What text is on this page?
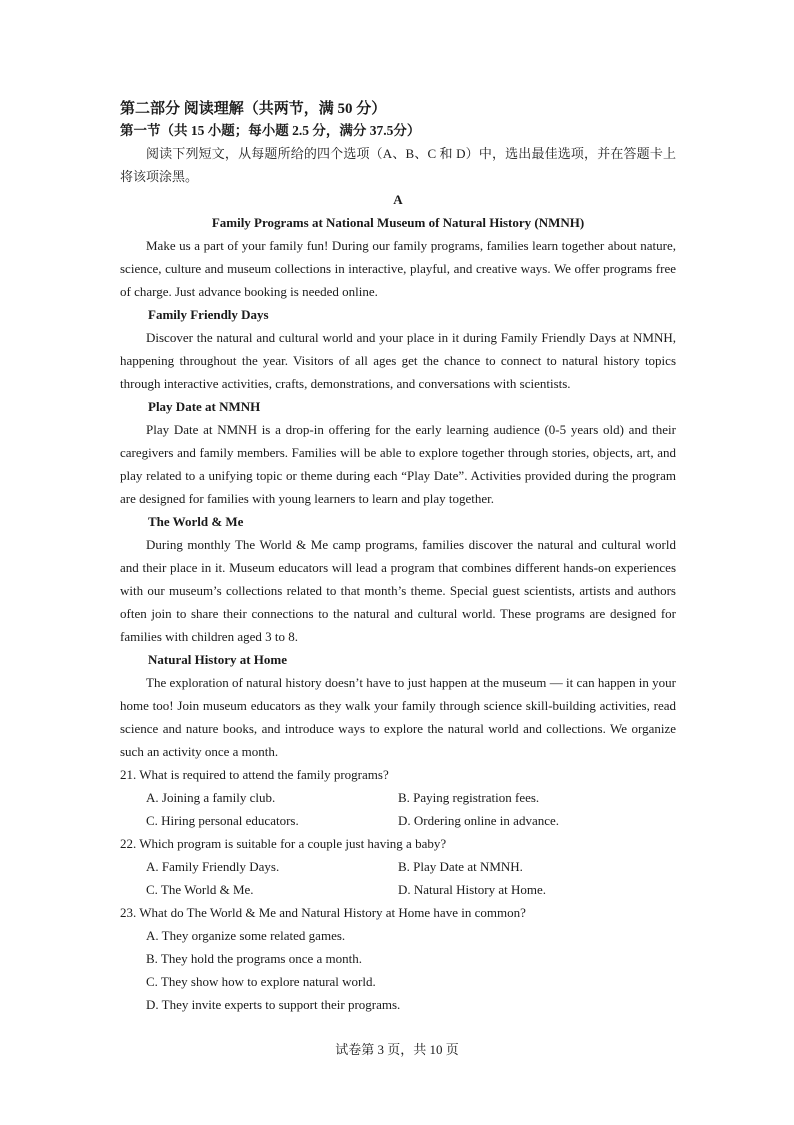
第二部分 阅读理解（共两节，满 50 分）
第一节（共 15 小题；每小题 2.5 分，满分 37.5分）
阅读下列短文，从每题所给的四个选项（A、B、C 和 D）中，选出最佳选项，并在答题卡上将该项涂黑。
A
Family Programs at National Museum of Natural History (NMNH)
Make us a part of your family fun! During our family programs, families learn together about nature, science, culture and museum collections in interactive, playful, and creative ways. We offer programs free of charge. Just advance booking is needed online.
Family Friendly Days
Discover the natural and cultural world and your place in it during Family Friendly Days at NMNH, happening throughout the year. Visitors of all ages get the chance to connect to natural history topics through interactive activities, crafts, demonstrations, and conversations with scientists.
Play Date at NMNH
Play Date at NMNH is a drop-in offering for the early learning audience (0-5 years old) and their caregivers and family members. Families will be able to explore together through stories, objects, art, and play related to a unifying topic or theme during each “Play Date”. Activities provided during the program are designed for families with young learners to learn and play together.
The World & Me
During monthly The World & Me camp programs, families discover the natural and cultural world and their place in it. Museum educators will lead a program that combines different hands-on experiences with our museum’s collections related to that month’s theme. Special guest scientists, artists and authors often join to share their connections to the natural and cultural world. These programs are designed for families with children aged 3 to 8.
Natural History at Home
The exploration of natural history doesn’t have to just happen at the museum — it can happen in your home too! Join museum educators as they walk your family through science skill-building activities, read science and nature books, and introduce ways to explore the natural world and collections. We organize such an activity once a month.
21. What is required to attend the family programs?
A. Joining a family club.	B. Paying registration fees.
C. Hiring personal educators.	D. Ordering online in advance.
22. Which program is suitable for a couple just having a baby?
A. Family Friendly Days.	B. Play Date at NMNH.
C. The World & Me.	D. Natural History at Home.
23. What do The World & Me and Natural History at Home have in common?
A. They organize some related games.
B. They hold the programs once a month.
C. They show how to explore natural world.
D. They invite experts to support their programs.
试卷第 3 页，共 10 页
